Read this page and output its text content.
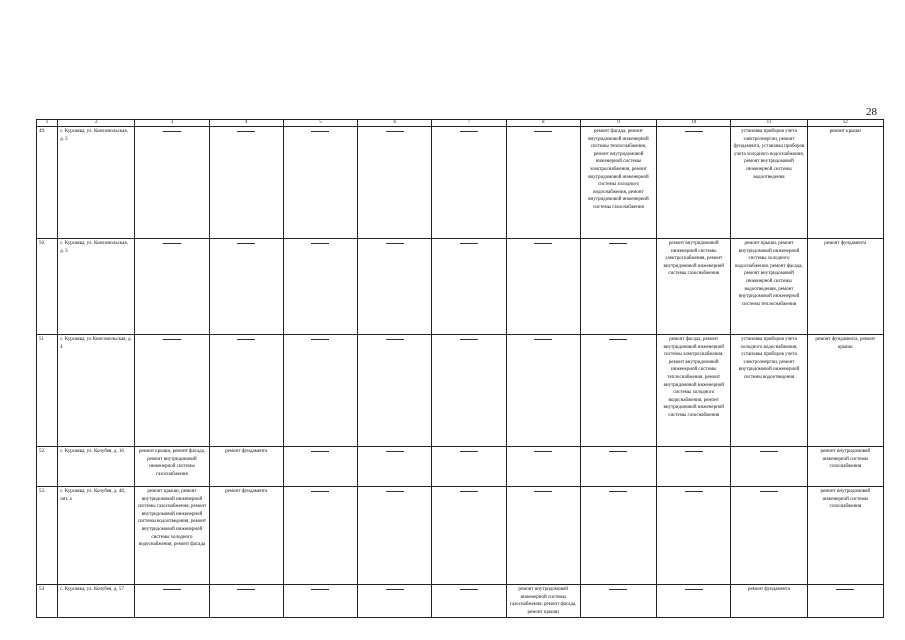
28
1	2	3	4	5	6	7	8	9	10	11	12
49.	с. Курсавка, ул. Комсомольская, д. 2							ремонт фасада, ремонт внутридомовой инженерной системы теплоснабжения, ремонт внутридомовой инженерной системы электроснабжения, ремонт внутридомовой инженерной системы холодного водоснабжения, ремонт внутридомовой инженерной системы газоснабжения		установка приборов учета электроэнергии, ремонт фундамента, установка приборов учета холодного водоснабжения, ремонт внутридомовой инженерной системы водоотведения	ремонт крыши
50.	с. Курсавка, ул. Комсомольская, д. 3								ремонт внутридомовой инженерной системы электроснабжения, ремонт внутридомовой инженерной системы газоснабжения	ремонт крыши, ремонт внутридомовой инженерной системы холодного водоснабжения, ремонт фасада, ремонт внутридомовой инженерной системы водоотведения, ремонт внутридомовой инженерной системы теплоснабжения	ремонт фундамента
51	с. Курсавка, ул Комсомольская, д. 4								ремонт фасада, ремонт внутридомовой инженерной системы электроснабжения, ремонт внутридомовой инженерной системы теплоснабжения, ремонт внутридомовой инженерной системы холодного водоснабжения, ремонт внутридомовой инженерной системы газоснабжения	установка приборов учета холодного водоснабжения, установка приборов учета электроэнергии, ремонт внутридомовой инженерной системы водоотведения	ремонт фундамента, ремонт крыши
52.	с. Курсавка, ул. Кочубея, д. 16	ремонт крыши, ремонт фасада, ремонт внутридомовой инженерной системы газоснабжения	ремонт фундамента								ремонт внутридомовой инженерной системы газоснабжения
53.	с. Курсавка, ул. Кочубея, д. 48, лит. а	ремонт крыши, ремонт внутридомовой инженерной системы газоснабжения, ремонт внутридомовой инженерной системы водоотведения, ремонт внутридомовой инженерной системы холодного водоснабжения, ремонт фасада	ремонт фундамента								ремонт внутридомовой инженерной системы газоснабжения
54	с. Курсавка, ул. Кочубея, д. 57						ремонт внутридомовой инженерной системы газоснабжения, ремонт фасада, ремонт крыши			ремонт фундамента	
